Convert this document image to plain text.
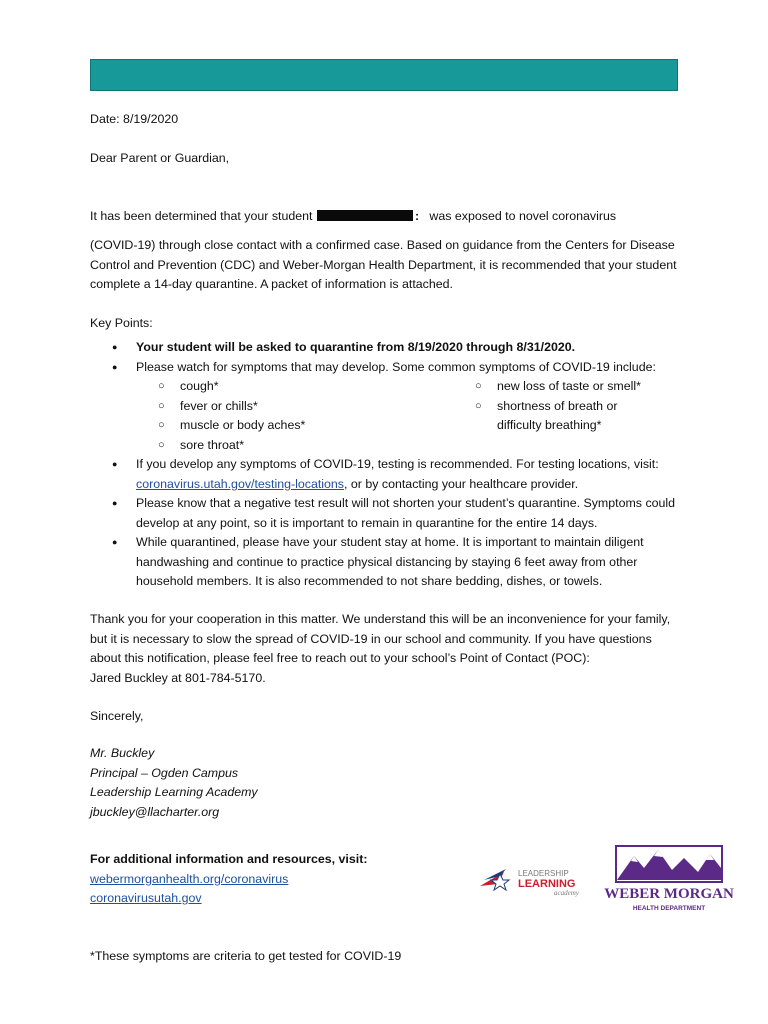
Date: 8/19/2020
Dear Parent or Guardian,
It has been determined that your student	: was exposed to novel coronavirus
(COVID-19) through close contact with a confirmed case. Based on guidance from the Centers for Disease Control and Prevention (CDC) and Weber-Morgan Health Department, it is recommended that your student complete a 14-day quarantine. A packet of information is attached.
Key Points:
● Your student will be asked to quarantine from 8/19/2020 through 8/31/2020.
● Please watch for symptoms that may develop. Some common symptoms of COVID-19 include:
○ cough*
○ fever or chills*
○ muscle or body aches*
○ sore throat*
○ new loss of taste or smell*
○ shortness of breath or difficulty breathing*
● If you develop any symptoms of COVID-19, testing is recommended. For testing locations, visit:
coronavirus.utah.gov/testing-locations, or by contacting your healthcare provider.
● Please know that a negative test result will not shorten your student’s quarantine. Symptoms could develop at any point, so it is important to remain in quarantine for the entire 14 days.
● While quarantined, please have your student stay at home. It is important to maintain diligent handwashing and continue to practice physical distancing by staying 6 feet away from other household members. It is also recommended to not share bedding, dishes, or towels.
Thank you for your cooperation in this matter. We understand this will be an inconvenience for your family, but it is necessary to slow the spread of COVID-19 in our school and community. If you have questions about this notification, please feel free to reach out to your school’s Point of Contact (POC):
Jared Buckley at 801-784-5170.
Sincerely,
Mr. Buckley
Principal – Ogden Campus
Leadership Learning Academy
jbuckley@llacharter.org
For additional information and resources, visit:
webermorganhealth.org/coronavirus
coronavirusutah.gov
*These symptoms are criteria to get tested for COVID-19
LEADERSHIP
LEARNING
academy WEBER MORGAN
HEALTH DEPARTMENT
